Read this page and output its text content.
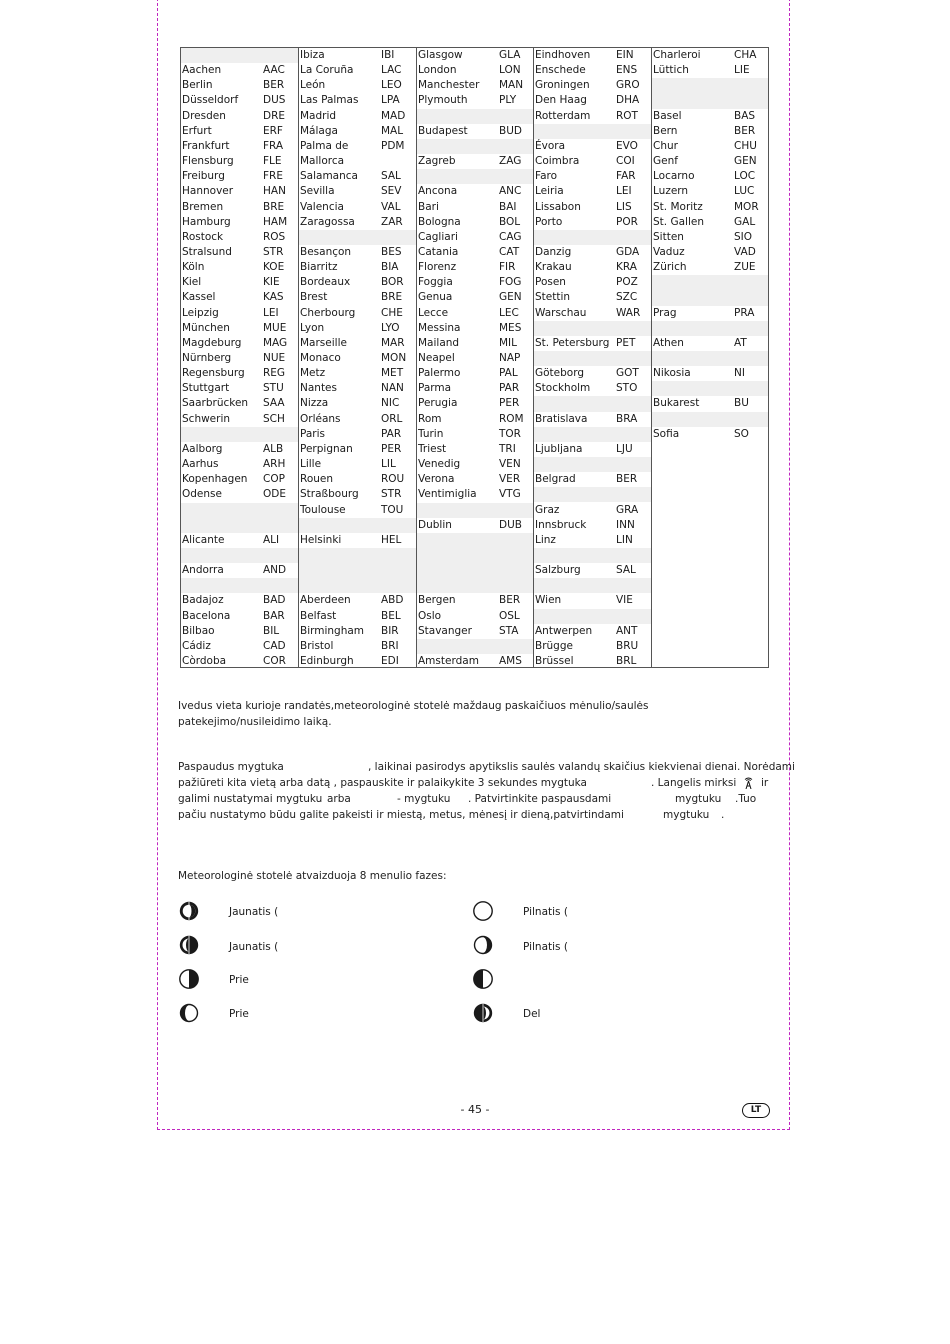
Aachen	AAC
Berlin	BER
Düsseldorf DUS
Dresden	DRE
Erfurt	ERF
Frankfurt	FRA
Flensburg	FLE
Freiburg	FRE
Hannover	HAN
Bremen	BRE
Hamburg	HAM
Rostock	ROS
Stralsund	STR
Köln	KOE
Kiel	KIE
Kassel	KAS
Leipzig	LEI
München	MUE
Magdeburg MAG
Nürnberg	NUE
Regensburg REG
Stuttgart	STU
Saarbrücken SAA
Schwerin	SCH
Aalborg	ALB
Aarhus	ARH
Kopenhagen COP
Odense	ODE
Alicante	ALI
Andorra	AND
Badajoz	BAD
Bacelona	BAR
Bilbao	BIL
Cádiz	CAD
Còrdoba	COR
Ibiza	IBI
La Coruña	LAC
León	LEO
Las Palmas LPA
Madrid	MAD
Málaga	MAL
Palma de	PDM
Mallorca
Salamanca SAL
Sevilla	SEV
Valencia	VAL
Zaragossa ZAR
Besançon	BES
Biarritz	BIA
Bordeaux	BOR
Brest	BRE
Cherbourg CHE
Lyon	LYO
Marseille	MAR
Monaco	MON
Metz	MET
Nantes	NAN
Nizza	NIC
Orléans	ORL
Paris	PAR
Perpignan	PER
Lille	LIL
Rouen	ROU
Straßbourg STR
Toulouse	TOU
Helsinki	HEL
Aberdeen	ABD
Belfast	BEL
Birmingham BIR
Bristol	BRI
Edinburgh	EDI
Glasgow	GLA
London	LON
Manchester MAN
Plymouth	PLY
Budapest	BUD
Zagreb	ZAG
Ancona	ANC
Bari	BAI
Bologna	BOL
Cagliari	CAG
Catania	CAT
Florenz	FIR
Foggia	FOG
Genua	GEN
Lecce	LEC
Messina	MES
Mailand	MIL
Neapel	NAP
Palermo	PAL
Parma	PAR
Perugia	PER
Rom	ROM
Turin	TOR
Triest	TRI
Venedig	VEN
Verona	VER
Ventimiglia VTG
Dublin	DUB
Bergen	BER
Oslo	OSL
Stavanger	STA
Amsterdam AMS
Eindhoven EIN
Enschede	ENS
Groningen	GRO
Den Haag	DHA
Rotterdam ROT
Évora	EVO
Coimbra	COI
Faro	FAR
Leiria	LEI
Lissabon	LIS
Porto	POR
Danzig	GDA
Krakau	KRA
Posen	POZ
Stettin	SZC
Warschau	WAR
St. Petersburg PET
Göteborg	GOT
Stockholm STO
Bratislava	BRA
Ljubljana	LJU
Belgrad	BER
Graz	GRA
Innsbruck	INN
Linz	LIN
Salzburg	SAL
Wien	VIE
Antwerpen ANT
Brügge	BRU
Brüssel	BRL
Charleroi	CHA
Lüttich	LIE
Basel	BAS
Bern	BER
Chur	CHU
Genf	GEN
Locarno	LOC
Luzern	LUC
St. Moritz	MOR
St. Gallen	GAL
Sitten	SIO
Vaduz	VAD
Zürich	ZUE
Prag	PRA
Athen	AT
Nikosia	NI
Bukarest	BU
Sofia	SO
Ivedus vieta kurioje randatės,meteorologinė stotelė maždaug paskaičiuos mėnulio/saulės patekejimo/nusileidimo laiką.
Paspaudus mygtuka	, laikinai pasirodys apytikslis saulės valandų skaičius kiekvienai dienai. Norėdami
pažiūreti kita vietą arba datą , paspauskite ir palaikykite 3 sekundes mygtuka	. Langelis mirksi ir
galimi nustatymai mygtuku arba	- mygtuku . Patvirtinkite paspausdami	mygtuku .Tuo
pačiu nustatymo būdu galite pakeisti ir miestą, metus, mėnesį ir dieną,patvirtindami	mygtuku .
Meteorologinė stotelė atvaizduoja 8 menulio fazes:
Jaunatis (
Jaunatis (
Prie
Prie
Pilnatis (
Pilnatis (
Del
- 45 -	LT
